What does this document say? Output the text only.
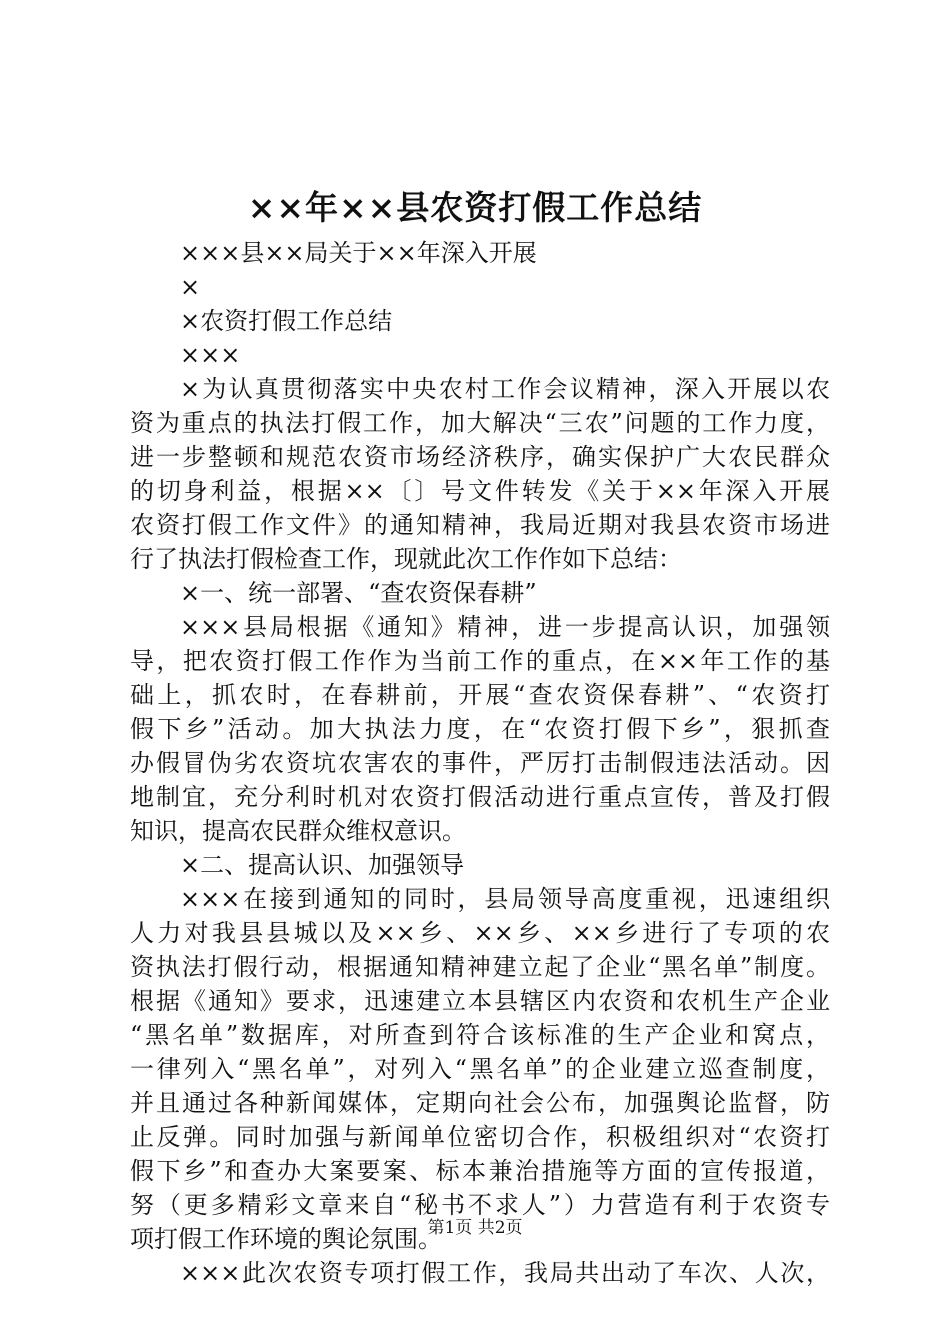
××年××县农资打假工作总结
×××县××局关于××年深入开展
×
×农资打假工作总结
×××
×为认真贯彻落实中央农村工作会议精神，深入开展以农
资为重点的执法打假工作，加大解决“三农”问题的工作力度，
进一步整顿和规范农资市场经济秩序，确实保护广大农民群众
的切身利益，根据××〔〕号文件转发《关于××年深入开展
农资打假工作文件》的通知精神，我局近期对我县农资市场进
行了执法打假检查工作，现就此次工作作如下总结：
×一、统一部署、“查农资保春耕”
×××县局根据《通知》精神，进一步提高认识，加强领
导，把农资打假工作作为当前工作的重点，在××年工作的基
础上，抓农时，在春耕前，开展“查农资保春耕”、“农资打
假下乡”活动。加大执法力度，在“农资打假下乡”，狠抓查
办假冒伪劣农资坑农害农的事件，严厉打击制假违法活动。因
地制宜，充分利时机对农资打假活动进行重点宣传，普及打假
知识，提高农民群众维权意识。
×二、提高认识、加强领导
×××在接到通知的同时，县局领导高度重视，迅速组织
人力对我县县城以及××乡、××乡、××乡进行了专项的农
资执法打假行动，根据通知精神建立起了企业“黑名单”制度。
根据《通知》要求，迅速建立本县辖区内农资和农机生产企业
“黑名单”数据库，对所查到符合该标准的生产企业和窝点，
一律列入“黑名单”，对列入“黑名单”的企业建立巡查制度，
并且通过各种新闻媒体，定期向社会公布，加强舆论监督，防
止反弹。同时加强与新闻单位密切合作，积极组织对“农资打
假下乡”和查办大案要案、标本兼治措施等方面的宣传报道，
努（更多精彩文章来自“秘书不求人”）力营造有利于农资专
项打假工作环境的舆论氛围。
×××此次农资专项打假工作，我局共出动了车次、人次，
第1页 共2页
